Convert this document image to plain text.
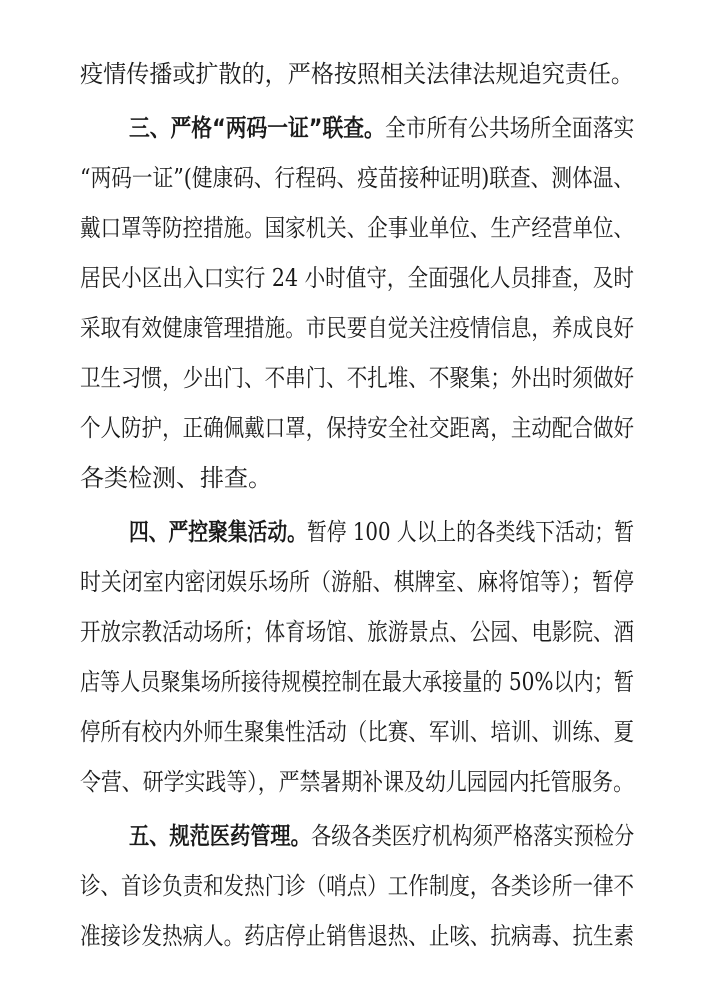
疫情传播或扩散的，严格按照相关法律法规追究责任。
三、严格“两码一证”联查。 全市所有公共场所全面落实
“两码一证”(健康码、行程码、疫苗接种证明)联查、测体温、
戴口罩等防控措施。国家机关、企事业单位、生产经营单位、
居民小区出入口实行 24 小时值守，全面强化人员排查，及时
采取有效健康管理措施。市民要自觉关注疫情信息，养成良好
卫生习惯，少出门、不串门、不扎堆、不聚集；外出时须做好
个人防护，正确佩戴口罩，保持安全社交距离，主动配合做好
各类检测、排查。
四、严控聚集活动。 暂停 100 人以上的各类线下活动；暂
时关闭室内密闭娱乐场所（游船、棋牌室、麻将馆等）；暂停
开放宗教活动场所；体育场馆、旅游景点、公园、电影院、酒
店等人员聚集场所接待规模控制在最大承接量的 50%以内；暂
停所有校内外师生聚集性活动（比赛、军训、培训、训练、夏
令营、研学实践等），严禁暑期补课及幼儿园园内托管服务。
五、规范医药管理。 各级各类医疗机构须严格落实预检分
诊、首诊负责和发热门诊（哨点）工作制度，各类诊所一律不
准接诊发热病人。药店停止销售退热、止咳、抗病毒、抗生素
